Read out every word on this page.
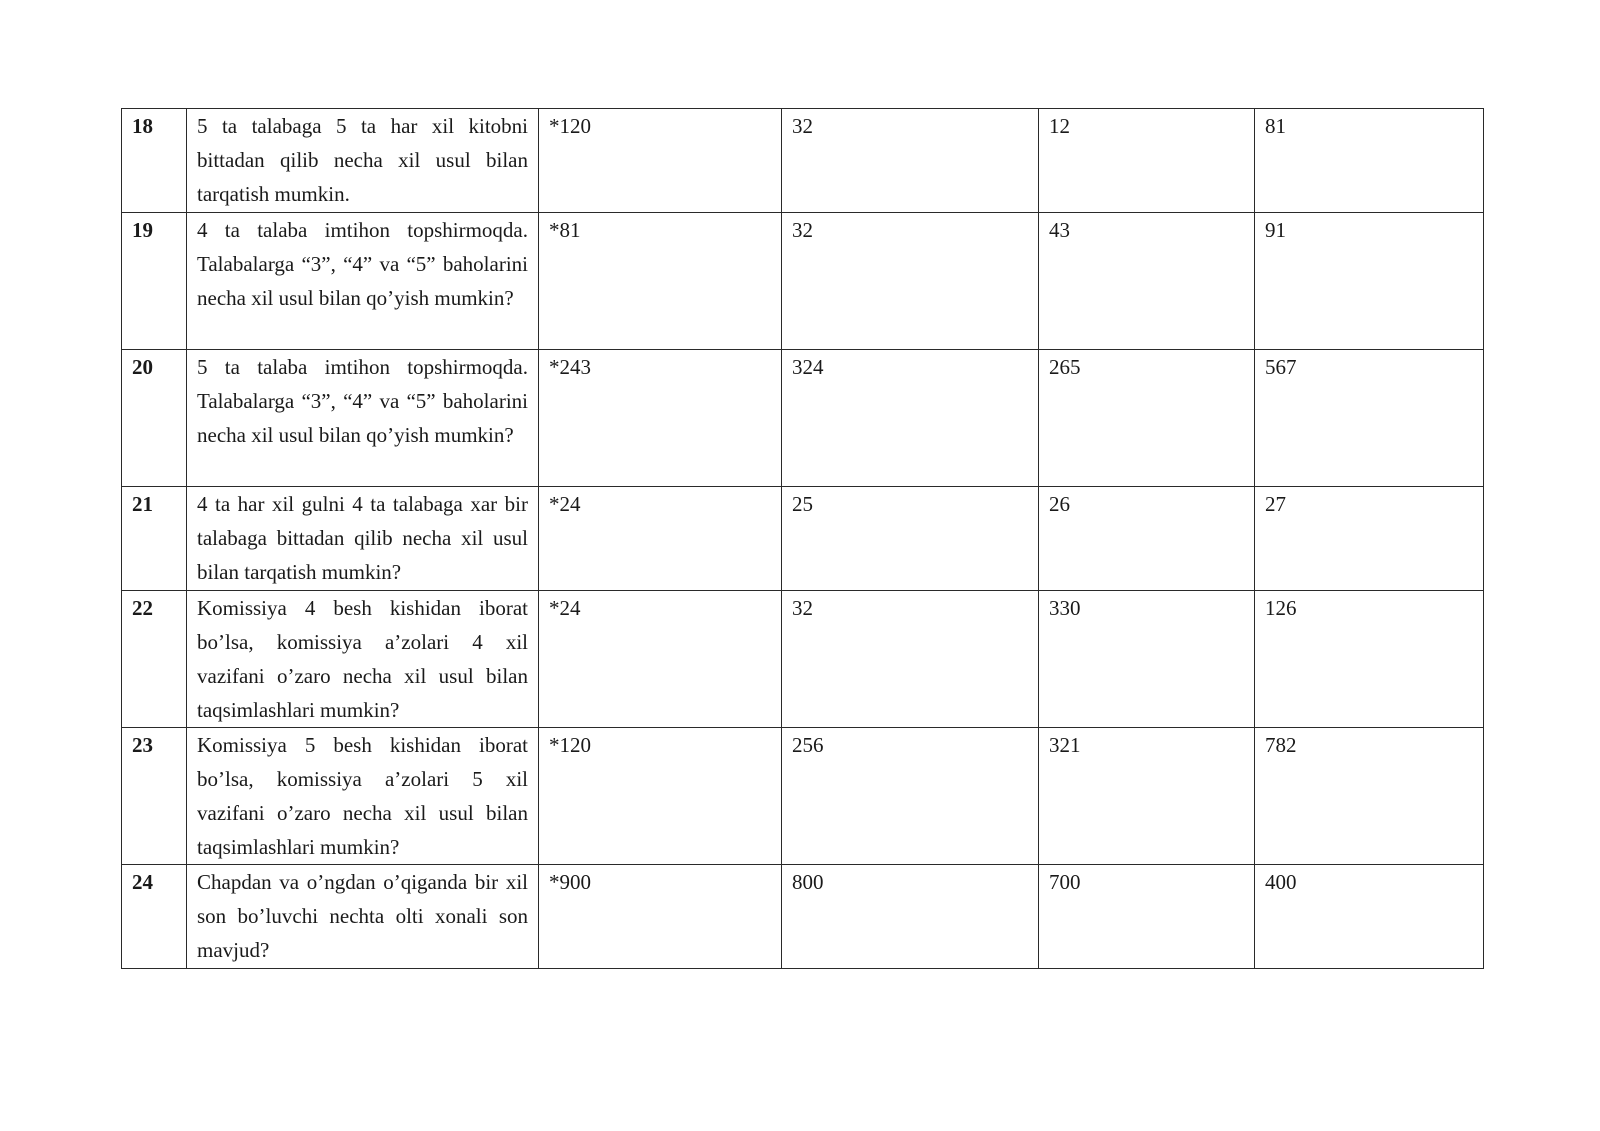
18	5 ta talabaga 5 ta har xil kitobni bittadan qilib necha xil usul bilan tarqatish mumkin.	*120	32	12	81
19	4 ta talaba imtihon topshirmoqda. Talabalarga “3”, “4” va “5” baholarini necha xil usul bilan qo’yish mumkin?	*81	32	43	91
20	5 ta talaba imtihon topshirmoqda. Talabalarga “3”, “4” va “5” baholarini necha xil usul bilan qo’yish mumkin?	*243	324	265	567
21	4 ta har xil gulni 4 ta talabaga xar bir talabaga bittadan qilib necha xil usul bilan tarqatish mumkin?	*24	25	26	27
22	Komissiya 4 besh kishidan iborat bo’lsa, komissiya a’zolari 4 xil vazifani o’zaro necha xil usul bilan taqsimlashlari mumkin?	*24	32	330	126
23	Komissiya 5 besh kishidan iborat bo’lsa, komissiya a’zolari 5 xil vazifani o’zaro necha xil usul bilan taqsimlashlari mumkin?	*120	256	321	782
24	Chapdan va o’ngdan o’qiganda bir xil son bo’luvchi nechta olti xonali son mavjud?	*900	800	700	400
